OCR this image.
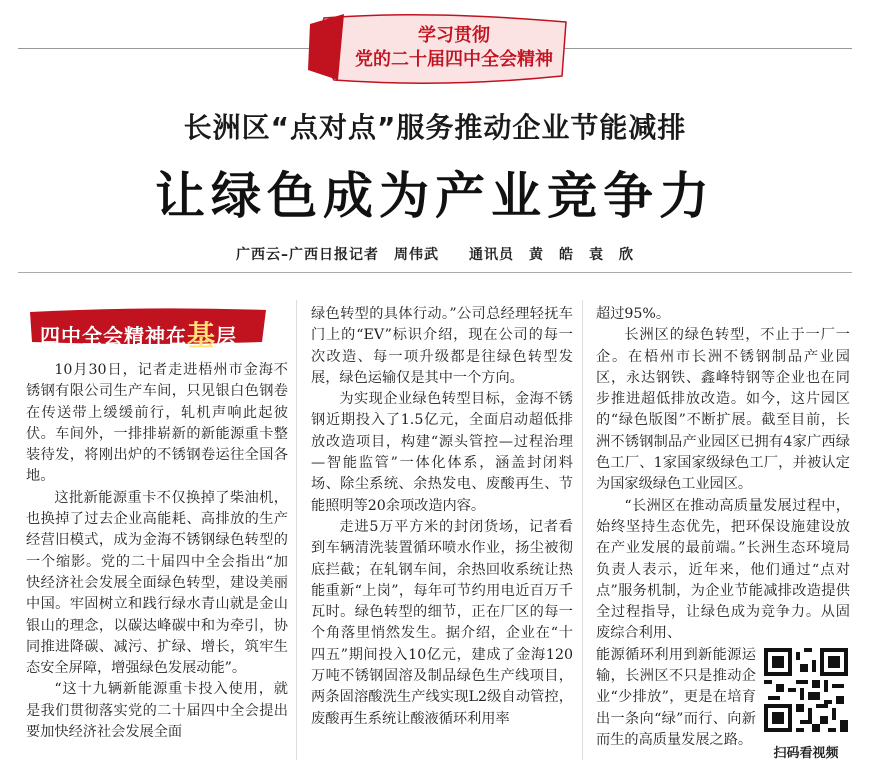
学习贯彻
党的二十届四中全会精神
长洲区“点对点”服务推动企业节能减排
让绿色成为产业竞争力
广西云–广西日报记者　周伟武　　通讯员　黄　皓　袁　欣
四中全会精神在基层

10月30日，记者走进梧州市金海不锈钢有限公司生产车间，只见银白色钢卷在传送带上缓缓前行，轧机声响此起彼伏。车间外，一排排崭新的新能源重卡整装待发，将刚出炉的不锈钢卷运往全国各地。

这批新能源重卡不仅换掉了柴油机，也换掉了过去企业高能耗、高排放的生产经营旧模式，成为金海不锈钢绿色转型的一个缩影。党的二十届四中全会指出“加快经济社会发展全面绿色转型，建设美丽中国。牢固树立和践行绿水青山就是金山银山的理念，以碳达峰碳中和为牵引，协同推进降碳、减污、扩绿、增长，筑牢生态安全屏障，增强绿色发展动能”。

“这十九辆新能源重卡投入使用，就是我们贯彻落实党的二十届四中全会提出要加快经济社会发展全面

绿色转型的具体行动。”公司总经理轻抚车门上的“EV”标识介绍，现在公司的每一次改造、每一项升级都是往绿色转型发展，绿色运输仅是其中一个方向。

为实现企业绿色转型目标，金海不锈钢近期投入了1.5亿元，全面启动超低排放改造项目，构建“源头管控—过程治理—智能监管”一体化体系，涵盖封闭料场、除尘系统、余热发电、废酸再生、节能照明等20余项改造内容。

走进5万平方米的封闭货场，记者看到车辆清洗装置循环喷水作业，扬尘被彻底拦截；在轧钢车间，余热回收系统让热能重新“上岗”，每年可节约用电近百万千瓦时。绿色转型的细节，正在厂区的每一个角落里悄然发生。据介绍，企业在“十四五”期间投入10亿元，建成了金海120万吨不锈钢固溶及制品绿色生产线项目，两条固溶酸洗生产线实现L2级自动管控，废酸再生系统让酸液循环利用率

超过95%。

长洲区的绿色转型，不止于一厂一企。在梧州市长洲不锈钢制品产业园区，永达钢铁、鑫峰特钢等企业也在同步推进超低排放改造。如今，这片园区的“绿色版图”不断扩展。截至目前，长洲不锈钢制品产业园区已拥有4家广西绿色工厂、1家国家级绿色工厂，并被认定为国家级绿色工业园区。

“长洲区在推动高质量发展过程中，始终坚持生态优先，把环保设施建设放在产业发展的最前端。”长洲生态环境局负责人表示，近年来，他们通过“点对点”服务机制，为企业节能减排改造提供全过程指导，让绿色成为竞争力。从固废综合利用、

能源循环利用到新能源运输，长洲区不只是推动企业“少排放”，更是在培育出一条向“绿”而行、向新而生的高质量发展之路。

扫码看视频
